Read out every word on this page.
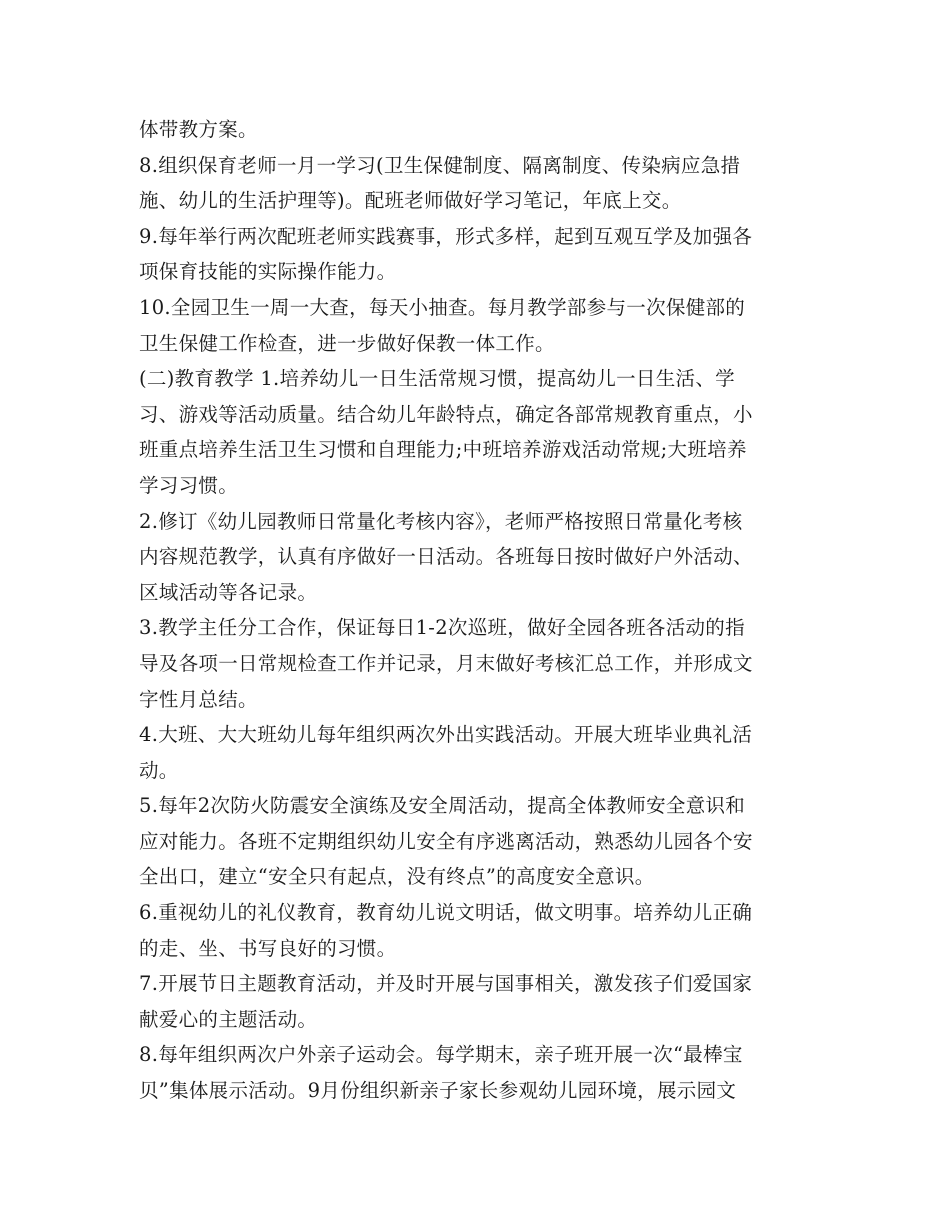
体带教方案。
8.组织保育老师一月一学习(卫生保健制度、隔离制度、传染病应急措
施、幼儿的生活护理等)。配班老师做好学习笔记，年底上交。
9.每年举行两次配班老师实践赛事，形式多样，起到互观互学及加强各
项保育技能的实际操作能力。
10.全园卫生一周一大查，每天小抽查。每月教学部参与一次保健部的
卫生保健工作检查，进一步做好保教一体工作。
(二)教育教学 1.培养幼儿一日生活常规习惯，提高幼儿一日生活、学
习、游戏等活动质量。结合幼儿年龄特点，确定各部常规教育重点，小
班重点培养生活卫生习惯和自理能力;中班培养游戏活动常规;大班培养
学习习惯。
2.修订《幼儿园教师日常量化考核内容》，老师严格按照日常量化考核
内容规范教学，认真有序做好一日活动。各班每日按时做好户外活动、
区域活动等各记录。
3.教学主任分工合作，保证每日1-2次巡班，做好全园各班各活动的指
导及各项一日常规检查工作并记录，月末做好考核汇总工作，并形成文
字性月总结。
4.大班、大大班幼儿每年组织两次外出实践活动。开展大班毕业典礼活
动。
5.每年2次防火防震安全演练及安全周活动，提高全体教师安全意识和
应对能力。各班不定期组织幼儿安全有序逃离活动，熟悉幼儿园各个安
全出口，建立“安全只有起点，没有终点”的高度安全意识。
6.重视幼儿的礼仪教育，教育幼儿说文明话，做文明事。培养幼儿正确
的走、坐、书写良好的习惯。
7.开展节日主题教育活动，并及时开展与国事相关，激发孩子们爱国家
献爱心的主题活动。
8.每年组织两次户外亲子运动会。每学期末，亲子班开展一次“最棒宝
贝”集体展示活动。9月份组织新亲子家长参观幼儿园环境，展示园文
